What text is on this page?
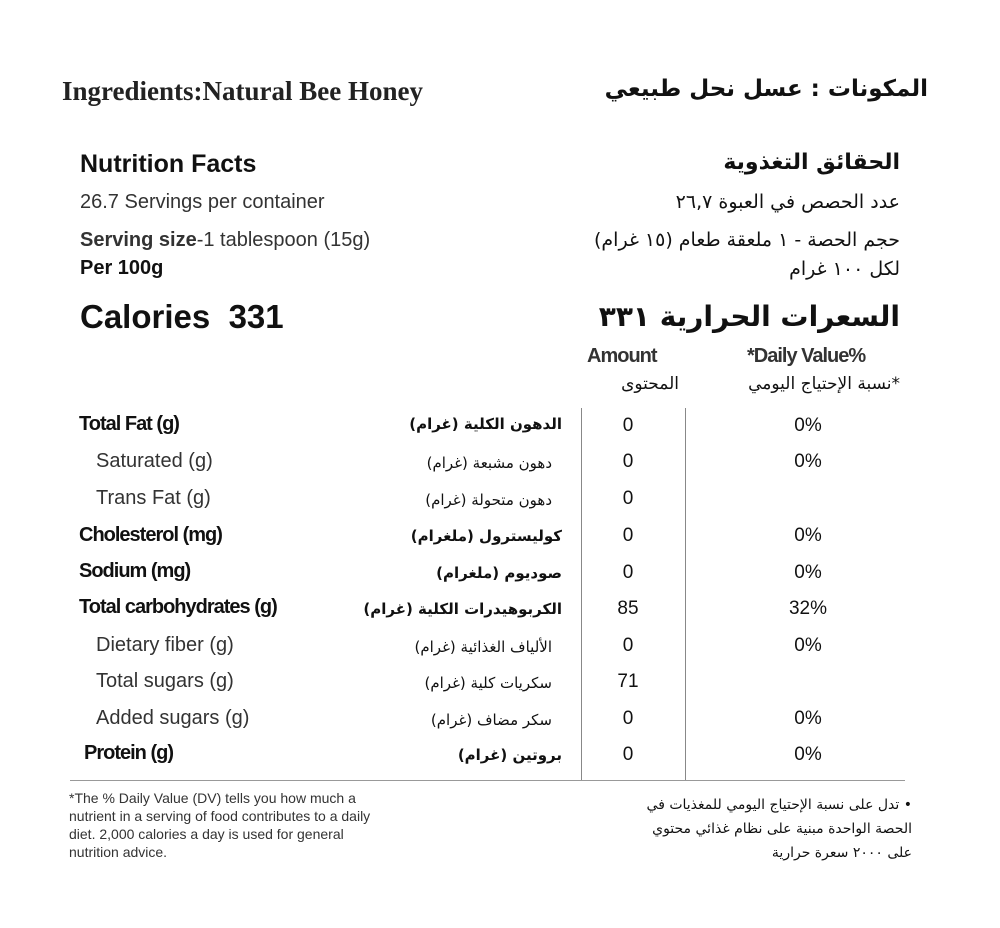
Ingredients:Natural Bee Honey	المكونات : عسل نحل طبيعي
Nutrition Facts	الحقائق التغذوية
26.7 Servings per container	عدد الحصص في العبوة ٢٦,٧
Serving size-1 tablespoon (15g)	حجم الحصة - ١ ملعقة طعام (١٥ غرام)
Per 100g	لكل ١٠٠ غرام
Calories 331	السعرات الحرارية ٣٣١
Amount
المحتوى
*Daily Value%
*نسبة الإحتياج اليومي
Total Fat (g)	الدهون الكلية (غرام)	0	0%
Saturated (g)	دهون مشبعة (غرام)	0	0%
Trans Fat (g)	دهون متحولة (غرام)	0
Cholesterol (mg)	كوليسترول (ملغرام)	0	0%
Sodium (mg)	صوديوم (ملغرام)	0	0%
Total carbohydrates (g)	الكربوهيدرات الكلية (غرام)	85	32%
Dietary fiber (g)	الألياف الغذائية (غرام)	0	0%
Total sugars (g)	سكريات كلية (غرام)	71
Added sugars (g)	سكر مضاف (غرام)	0	0%
Protein (g)	بروتين (غرام)	0	0%
*The % Daily Value (DV) tells you how much a
nutrient in a serving of food contributes to a daily
diet. 2,000 calories a day is used for general
nutrition advice.
• تدل على نسبة الإحتياج اليومي للمغذيات في
الحصة الواحدة مبنية على نظام غذائي محتوي
على ٢٠٠٠ سعرة حرارية
